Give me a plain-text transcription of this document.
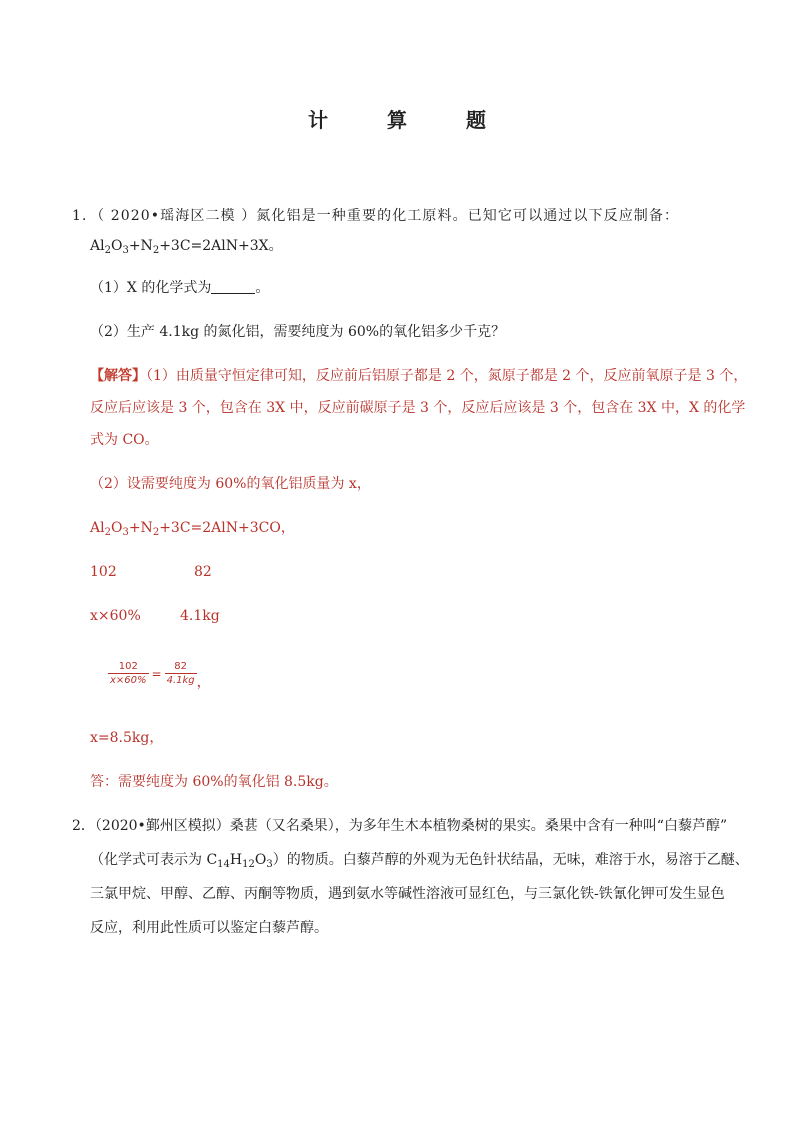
计 算 题
1．（ 2020•瑶海区二模 ）氮化铝是一种重要的化工原料。已知它可以通过以下反应制备：
$Al_2O_3+N_2+3C=2AlN+3X$。
（1）X 的化学式为	。
（2）生产 4.1kg 的氮化铝，需要纯度为 60%的氧化铝多少千克？
【解答】（1）由质量守恒定律可知，反应前后铝原子都是 2 个，氮原子都是 2 个，反应前氧原子是 3 个，
反应后应该是 3 个，包含在 3X 中，反应前碳原子是 3 个，反应后应该是 3 个，包含在 3X 中，X 的化学
式为 CO。
（2）设需要纯度为 60%的氧化铝质量为 x，
$Al_2O_3+N_2+3C=2AlN+3CO$，
102	82
x×60%	4.1kg
$\frac{102}{x\times 60\%} = \frac{82}{4.1kg}$ ，
x=8.5kg，
答：需要纯度为 60%的氧化铝 8.5kg。
2．（2020•鄞州区模拟）桑葚（又名桑果），为多年生木本植物桑树的果实。桑果中含有一种叫“白藜芦醇”
（化学式可表示为 $C_{14}H_{12}O_3$）的物质。白藜芦醇的外观为无色针状结晶，无味，难溶于水，易溶于乙醚、
三氯甲烷、甲醇、乙醇、丙酮等物质，遇到氨水等碱性溶液可显红色，与三氯化铁-铁氰化钾可发生显色
反应，利用此性质可以鉴定白藜芦醇。
